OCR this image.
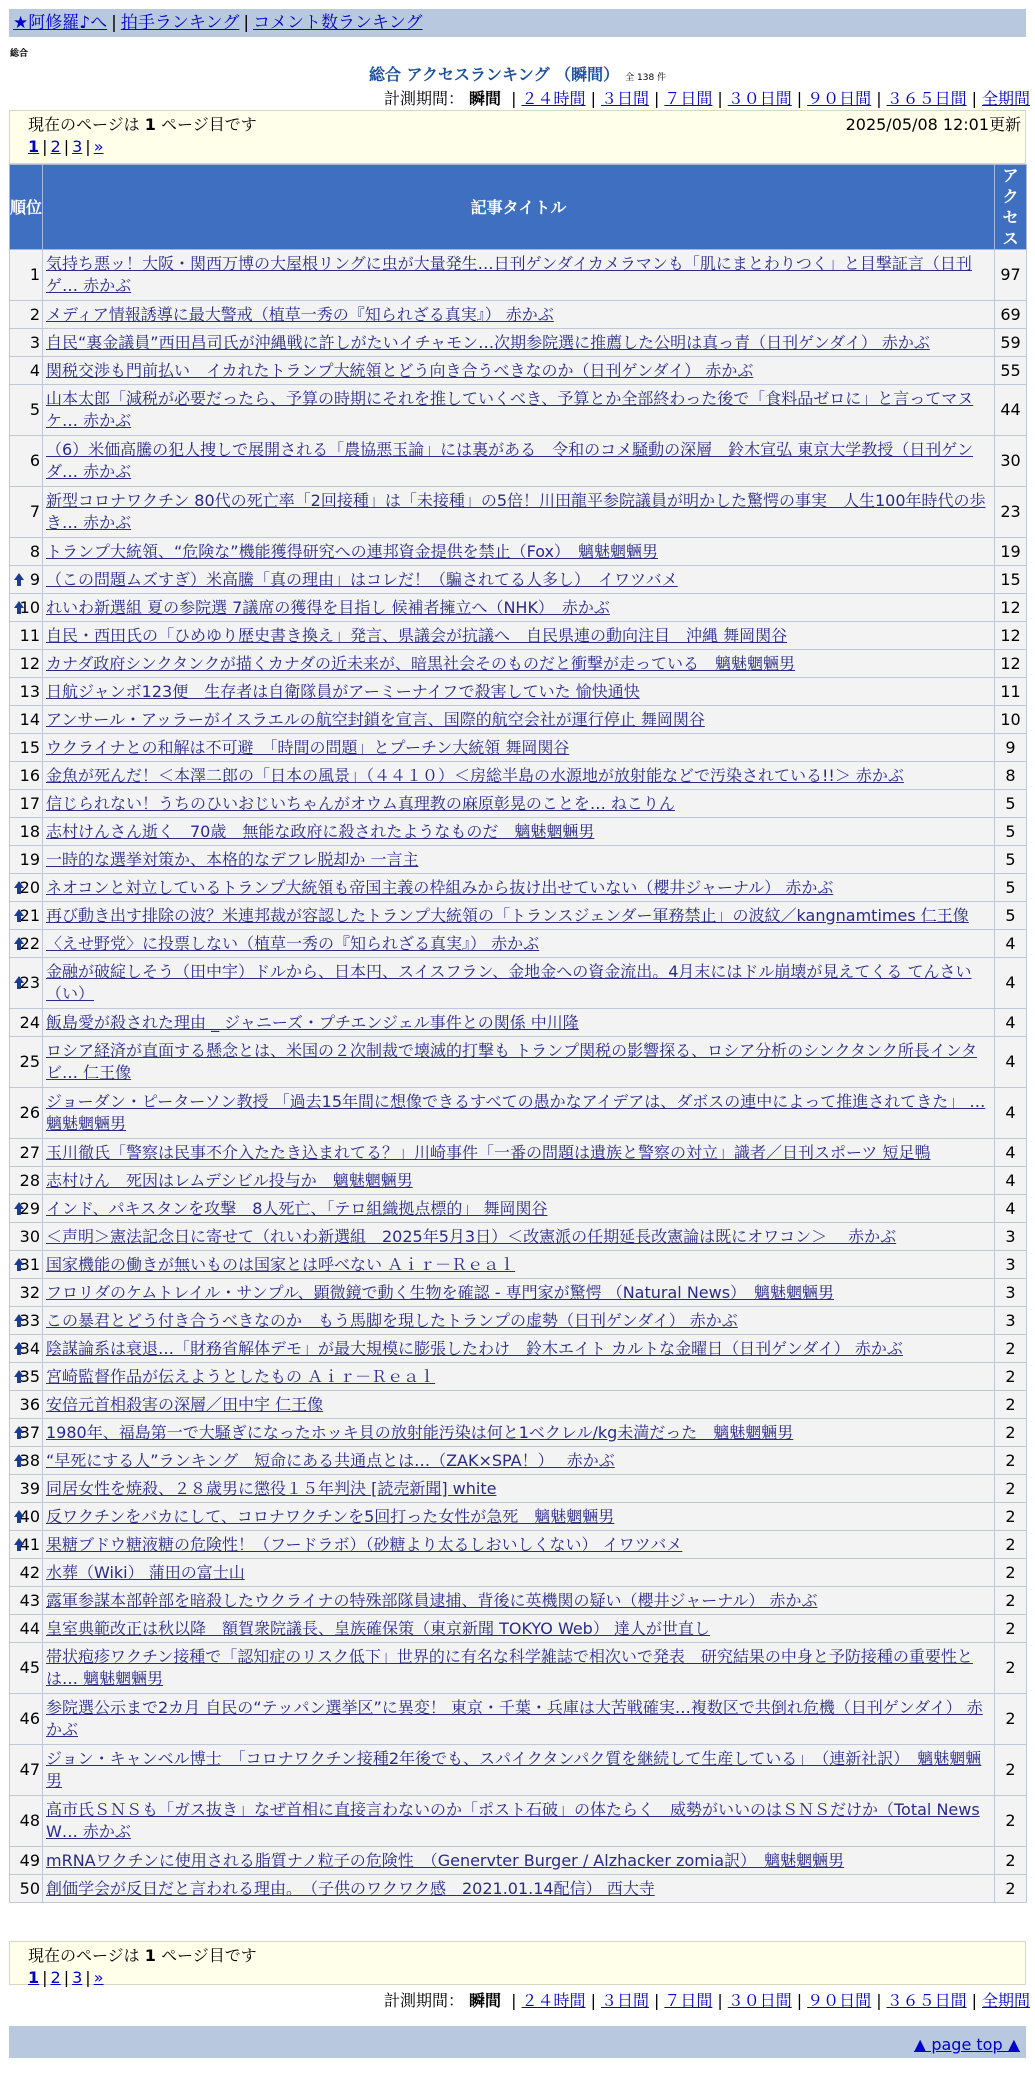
★阿修羅♪へ | 拍手ランキング | コメント数ランキング
総合
総合 アクセスランキング （瞬間） 全 138 件
計測期間： 瞬間 | ２４時間 | ３日間 | ７日間 | ３０日間 | ９０日間 | ３６５日間 | 全期間
現在のページは 1 ページ目です	2025/05/08 12:01更新
1 | 2 | 3 | »
順位	記事タイトル	アクセス
1	気持ち悪ッ！大阪・関西万博の大屋根リングに虫が大量発生…日刊ゲンダイカメラマンも「肌にまとわりつく」と目撃証言（日刊ゲ… 赤かぶ	97
2	メディア情報誘導に最大警戒（植草一秀の『知られざる真実』） 赤かぶ	69
3	自民“裏金議員”西田昌司氏が沖縄戦に許しがたいイチャモン…次期参院選に推薦した公明は真っ青（日刊ゲンダイ） 赤かぶ	59
4	関税交渉も門前払い　イカれたトランプ大統領とどう向き合うべきなのか（日刊ゲンダイ） 赤かぶ	55
5	山本太郎「減税が必要だったら、予算の時期にそれを推していくべき、予算とか全部終わった後で「食料品ゼロに」と言ってマヌケ… 赤かぶ	44
6	（6）米価高騰の犯人捜しで展開される「農協悪玉論」には裏がある　令和のコメ騒動の深層　鈴木宣弘 東京大学教授（日刊ゲンダ… 赤かぶ	30
7	新型コロナワクチン 80代の死亡率「2回接種」は「未接種」の5倍！川田龍平参院議員が明かした驚愕の事実　人生100年時代の歩き… 赤かぶ	23
8	トランプ大統領、“危険な”機能獲得研究への連邦資金提供を禁止（Fox）　魑魅魍魎男	19

9	（この問題ムズすぎ）米高騰「真の理由」はコレだ！（騙されてる人多し）　イワツバメ	15

10	れいわ新選組 夏の参院選 7議席の獲得を目指し 候補者擁立へ（NHK）　赤かぶ	12
11	自民・西田氏の「ひめゆり歴史書き換え」発言、県議会が抗議へ　自民県連の動向注目　沖縄 舞岡関谷	12
12	カナダ政府シンクタンクが描くカナダの近未来が、暗黒社会そのものだと衝撃が走っている　魑魅魍魎男	12
13	日航ジャンボ123便　生存者は自衛隊員がアーミーナイフで殺害していた 愉快通快	11
14	アンサール・アッラーがイスラエルの航空封鎖を宣言、国際的航空会社が運行停止 舞岡関谷	10
15	ウクライナとの和解は不可避　「時間の問題」とプーチン大統領 舞岡関谷	9
16	金魚が死んだ！＜本澤二郎の「日本の風景」（４４１０）＜房総半島の水源地が放射能などで汚染されている!!＞ 赤かぶ	8
17	信じられない！うちのひいおじいちゃんがオウム真理教の麻原彰晃のことを… ねこりん	5
18	志村けんさん逝く　70歳　無能な政府に殺されたようなものだ　魑魅魍魎男	5
19	一時的な選挙対策か、本格的なデフレ脱却か 一言主	5

20	ネオコンと対立しているトランプ大統領も帝国主義の枠組みから抜け出せていない（櫻井ジャーナル） 赤かぶ	5

21	再び動き出す排除の波？米連邦裁が容認したトランプ大統領の「トランスジェンダー軍務禁止」の波紋／kangnamtimes 仁王像	5

22	〈えせ野党〉に投票しない（植草一秀の『知られざる真実』） 赤かぶ	4

23	金融が破綻しそう（田中宇）ドルから、日本円、スイスフラン、金地金への資金流出。4月末にはドル崩壊が見えてくる てんさい（い）	4
24	飯島愛が殺された理由 _ ジャニーズ・プチエンジェル事件との関係 中川隆	4
25	ロシア経済が直面する懸念とは、米国の２次制裁で壊滅的打撃も トランプ関税の影響探る、ロシア分析のシンクタンク所長インタビ… 仁王像	4
26	ジョーダン・ピーターソン教授 「過去15年間に想像できるすべての愚かなアイデアは、ダボスの連中によって推進されてきた」 … 魑魅魍魎男	4
27	玉川徹氏「警察は民事不介入たたき込まれてる？」川崎事件「一番の問題は遺族と警察の対立」識者／日刊スポーツ 短足鴨	4
28	志村けん　死因はレムデシビル投与か　魑魅魍魎男	4

29	インド、パキスタンを攻撃　8人死亡、「テロ組織拠点標的」 舞岡関谷	4
30	＜声明＞憲法記念日に寄せて（れいわ新選組　2025年5月3日）＜改憲派の任期延長改憲論は既にオワコン＞　 赤かぶ	3

31	国家機能の働きが無いものは国家とは呼べない Ａｉｒ－Ｒｅａｌ	3
32	フロリダのケムトレイル・サンプル、顕微鏡で動く生物を確認 - 専門家が驚愕 （Natural News）　魑魅魍魎男	3

33	この暴君とどう付き合うべきなのか　もう馬脚を現したトランプの虚勢（日刊ゲンダイ） 赤かぶ	3

34	陰謀論系は衰退…「財務省解体デモ」が最大規模に膨張したわけ　鈴木エイト カルトな金曜日（日刊ゲンダイ） 赤かぶ	2

35	宮崎監督作品が伝えようとしたもの Ａｉｒ－Ｒｅａｌ	2
36	安倍元首相殺害の深層／田中宇 仁王像	2

37	1980年、福島第一で大騒ぎになったホッキ貝の放射能汚染は何と1ベクレル/kg未満だった　魑魅魍魎男	2

38	“早死にする人”ランキング　短命にある共通点とは…（ZAK×SPA！）　 赤かぶ	2
39	同居女性を焼殺、２８歳男に懲役１５年判決 [読売新聞] white	2

40	反ワクチンをバカにして、コロナワクチンを5回打った女性が急死　魑魅魍魎男	2

41	果糖ブドウ糖液糖の危険性！（フードラボ）（砂糖より太るしおいしくない） イワツバメ	2
42	水葬（Wiki） 蒲田の富士山	2
43	露軍参謀本部幹部を暗殺したウクライナの特殊部隊員逮捕、背後に英機関の疑い（櫻井ジャーナル） 赤かぶ	2
44	皇室典範改正は秋以降　額賀衆院議長、皇族確保策（東京新聞 TOKYO Web） 達人が世直し	2
45	帯状疱疹ワクチン接種で「認知症のリスク低下」世界的に有名な科学雑誌で相次いで発表　研究結果の中身と予防接種の重要性とは… 魑魅魍魎男	2
46	参院選公示まで2カ月 自民の“テッパン選挙区”に異変！ 東京・千葉・兵庫は大苦戦確実…複数区で共倒れ危機（日刊ゲンダイ） 赤かぶ	2
47	ジョン・キャンベル博士　「コロナワクチン接種2年後でも、スパイクタンパク質を継続して生産している」　（連新社訳）　魑魅魍魎男	2
48	高市氏ＳＮＳも「ガス抜き」なぜ首相に直接言わないのか「ポスト石破」の体たらく　威勢がいいのはＳＮＳだけか（Total News W… 赤かぶ	2
49	mRNAワクチンに使用される脂質ナノ粒子の危険性　（Genervter Burger / Alzhacker zomia訳）　魑魅魍魎男	2
50	創価学会が反日だと言われる理由。　（子供のワクワク感　2021.01.14配信） 西大寺	2
現在のページは 1 ページ目です
1 | 2 | 3 | »
計測期間： 瞬間 | ２４時間 | ３日間 | ７日間 | ３０日間 | ９０日間 | ３６５日間 | 全期間
▲ page top ▲
